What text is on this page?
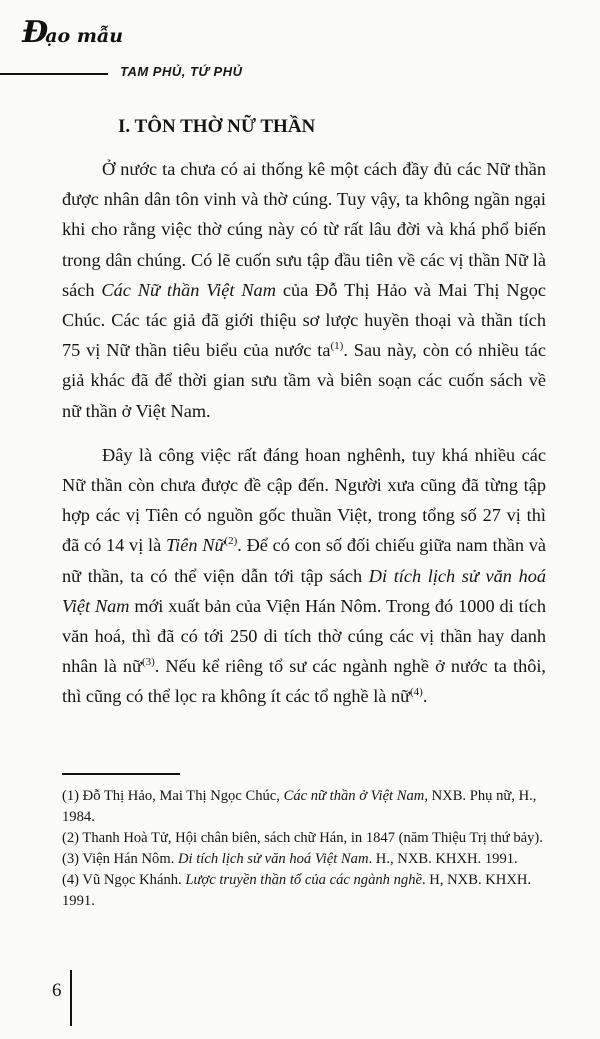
Đạo mẫu
TAM PHỦ, TỨ PHỦ
I. TÔN THỜ NỮ THẦN

Ở nước ta chưa có ai thống kê một cách đầy đủ các Nữ thần được nhân dân tôn vinh và thờ cúng. Tuy vậy, ta không ngần ngại khi cho rằng việc thờ cúng này có từ rất lâu đời và khá phổ biến trong dân chúng. Có lẽ cuốn sưu tập đầu tiên về các vị thần Nữ là sách Các Nữ thần Việt Nam của Đỗ Thị Hảo và Mai Thị Ngọc Chúc. Các tác giả đã giới thiệu sơ lược huyền thoại và thần tích 75 vị Nữ thần tiêu biểu của nước $ta^{(1)}$. Sau này, còn có nhiều tác giả khác đã để thời gian sưu tầm và biên soạn các cuốn sách về nữ thần ở Việt Nam.

Đây là công việc rất đáng hoan nghênh, tuy khá nhiều các Nữ thần còn chưa được đề cập đến. Người xưa cũng đã từng tập hợp các vị Tiên có nguồn gốc thuần Việt, trong tổng số 27 vị thì đã có 14 vị là Tiên Nữ$^{(2)}$. Để có con số đối chiếu giữa nam thần và nữ thần, ta có thể viện dẫn tới tập sách Di tích lịch sử văn hoá Việt Nam mới xuất bản của Viện Hán Nôm. Trong đó 1000 di tích văn hoá, thì đã có tới 250 di tích thờ cúng các vị thần hay danh nhân là nữ$^{(3)}$. Nếu kể riêng tổ sư các ngành nghề ở nước ta thôi, thì cũng có thể lọc ra không ít các tổ nghề là nữ$^{(4)}$.

(1) Đỗ Thị Hảo, Mai Thị Ngọc Chúc, Các nữ thần ở Việt Nam, NXB. Phụ nữ, H., 1984.

(2) Thanh Hoà Tử, Hội chân biên, sách chữ Hán, in 1847 (năm Thiệu Trị thứ bảy).

(3) Viện Hán Nôm. Di tích lịch sử văn hoá Việt Nam. H., NXB. KHXH. 1991.

(4) Vũ Ngọc Khánh. Lược truyền thần tổ của các ngành nghề. H, NXB. KHXH. 1991.

6
